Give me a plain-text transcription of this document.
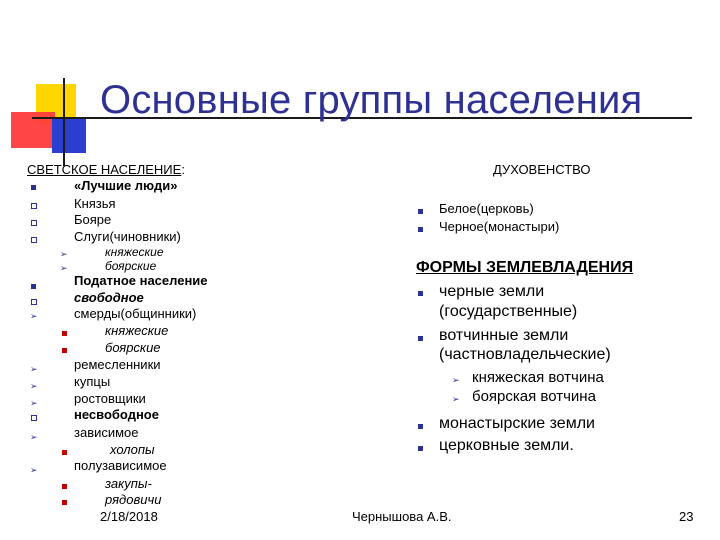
Основные группы населения
СВЕТСКОЕ НАСЕЛЕНИЕ:
«Лучшие люди»
Князья
Бояре
Слуги(чиновники)
➢	княжеские
➢	боярские
Податное население
свободное
➢	смерды(общинники)
княжеские
боярские
➢	ремесленники
➢	купцы
➢	ростовщики
несвободное
➢	зависимое
холопы
➢	полузависимое
закупы-
рядовичи
ДУХОВЕНСТВО
Белое(церковь)
Черное(монастыри)
ФОРМЫ ЗЕМЛЕВЛАДЕНИЯ
черные земли
(государственные)
вотчинные земли
(частновладельческие)
➢ княжеская вотчина
➢ боярская вотчина
монастырские земли
церковные земли.
2/18/2018	Чернышова А.В.	23
